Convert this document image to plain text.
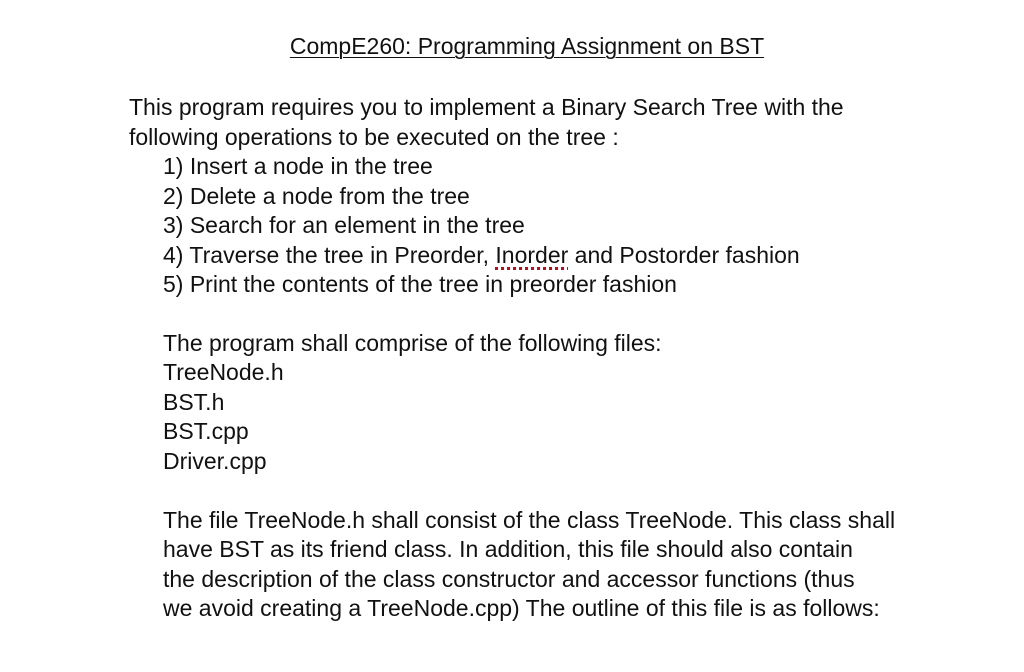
CompE260: Programming Assignment on BST
This program requires you to implement a Binary Search Tree with the
following operations to be executed on the tree :
1) Insert a node in the tree
2) Delete a node from the tree
3) Search for an element in the tree
4) Traverse the tree in Preorder, Inorder and Postorder fashion
5) Print the contents of the tree in preorder fashion
The program shall comprise of the following files:
TreeNode.h
BST.h
BST.cpp
Driver.cpp
The file TreeNode.h shall consist of the class TreeNode. This class shall
have BST as its friend class. In addition, this file should also contain
the description of the class constructor and accessor functions (thus
we avoid creating a TreeNode.cpp) The outline of this file is as follows:
